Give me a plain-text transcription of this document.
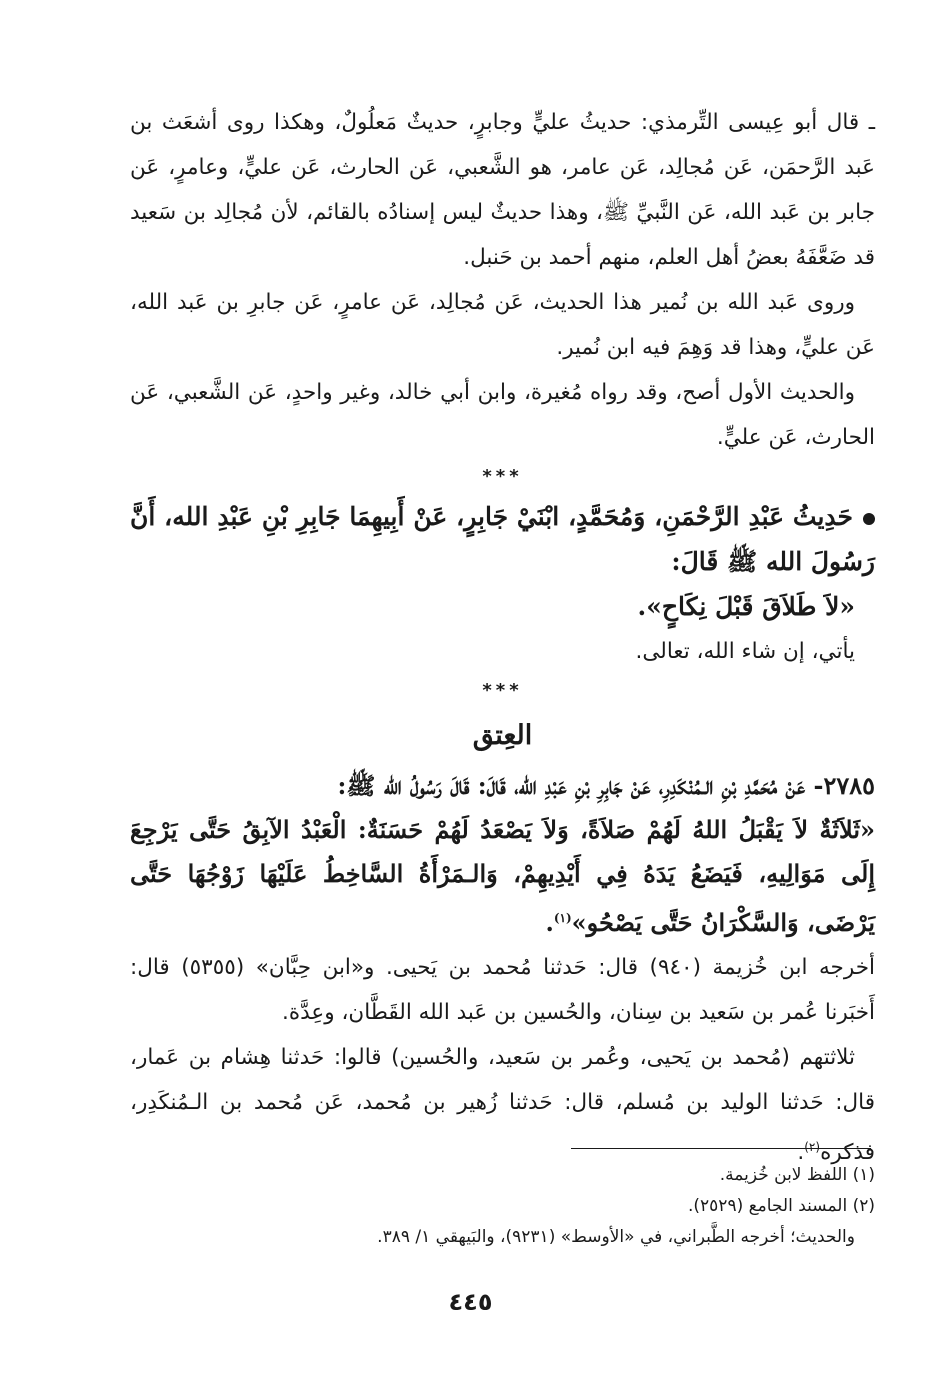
ـ قال أبو عِيسى التِّرمذي: حديثُ عليٍّ وجابرٍ، حديثٌ مَعلُولٌ، وهكذا روى أشعَث بن عَبد الرَّحمَن، عَن مُجالِد، عَن عامر، هو الشَّعبي، عَن الحارث، عَن عليٍّ، وعامرٍ، عَن جابر بن عَبد الله، عَن النَّبيِّ ﷺ، وهذا حديثٌ ليس إسنادُه بالقائم، لأن مُجالِد بن سَعيد قد ضَعَّفَهُ بعضُ أهل العلم، منهم أحمد بن حَنبل.

وروى عَبد الله بن نُمير هذا الحديث، عَن مُجالِد، عَن عامرٍ، عَن جابرِ بن عَبد الله، عَن عليٍّ، وهذا قد وَهِمَ فيه ابن نُمير.

والحديث الأول أصح، وقد رواه مُغيرة، وابن أبي خالد، وغير واحدٍ، عَن الشَّعبي، عَن الحارث، عَن عليٍّ.

***

حَدِيثُ عَبْدِ الرَّحْمَنِ، وَمُحَمَّدٍ، ابْنَيْ جَابِرٍ، عَنْ أَبِيهِمَا جَابِرِ بْنِ عَبْدِ الله، أَنَّ رَسُولَ الله ﷺ قَالَ:

«لاَ طَلاَقَ قَبْلَ نِكَاحٍ».

يأتي، إن شاء الله، تعالى.

***

العِتق

٢٧٨٥- عَنْ مُحَمَّدِ بْنِ الـمُنْكَدِرِ، عَنْ جَابِرِ بْنِ عَبْدِ الله، قَالَ: قَالَ رَسُولُ الله ﷺ:

«ثَلاَثَةٌ لاَ يَقْبَلُ اللهُ لَهُمْ صَلاَةً، وَلاَ يَصْعَدُ لَهُمْ حَسَنَةٌ: الْعَبْدُ الآبِقُ حَتَّى يَرْجِعَ إِلَى مَوَالِيهِ، فَيَضَعُ يَدَهُ فِي أَيْدِيهِمْ، وَالـمَرْأَةُ السَّاخِطُ عَلَيْهَا زَوْجُهَا حَتَّى يَرْضَى، وَالسَّكْرَانُ حَتَّى يَصْحُو»$^{(١)}$.

أخرجه ابن خُزيمة (٩٤٠) قال: حَدثنا مُحمد بن يَحيى. و«ابن حِبَّان» (٥٣٥٥) قال: أَخبَرنا عُمر بن سَعيد بن سِنان، والحُسين بن عَبد الله القَطَّان، وعِدَّة.

ثلاثتهم (مُحمد بن يَحيى، وعُمر بن سَعيد، والحُسين) قالوا: حَدثنا هِشام بن عَمار، قال: حَدثنا الوليد بن مُسلم، قال: حَدثنا زُهير بن مُحمد، عَن مُحمد بن الـمُنكَدِر، فذكره$^{(٢)}$.

(١) اللفظ لابن خُزيمة.

(٢) المسند الجامع (٢٥٢٩).

والحديث؛ أخرجه الطَّبراني، في «الأوسط» (٩٢٣١)، والبَيهقي ١/ ٣٨٩.

٤٤٥
